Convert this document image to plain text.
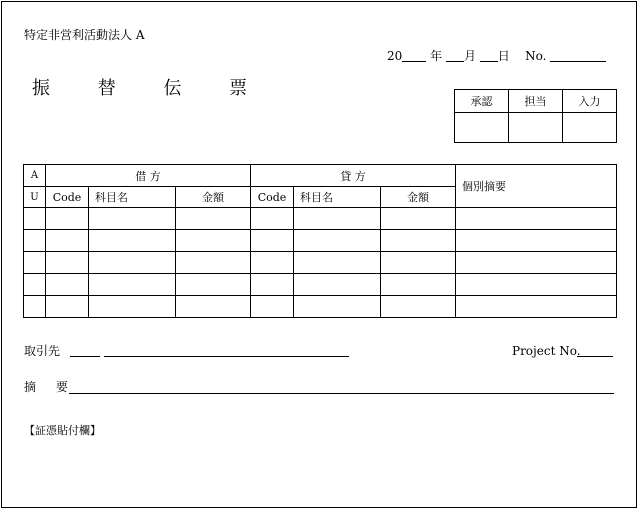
特定非営利活動法人 A
20 年 月 日 No.
振 替 伝 票
承認	担当	入力

A	借 方			貸 方			個別摘要
U	Code	科目名	金額	Code	科目名	金額	

取引先	Project No.
摘 要
【証憑貼付欄】
